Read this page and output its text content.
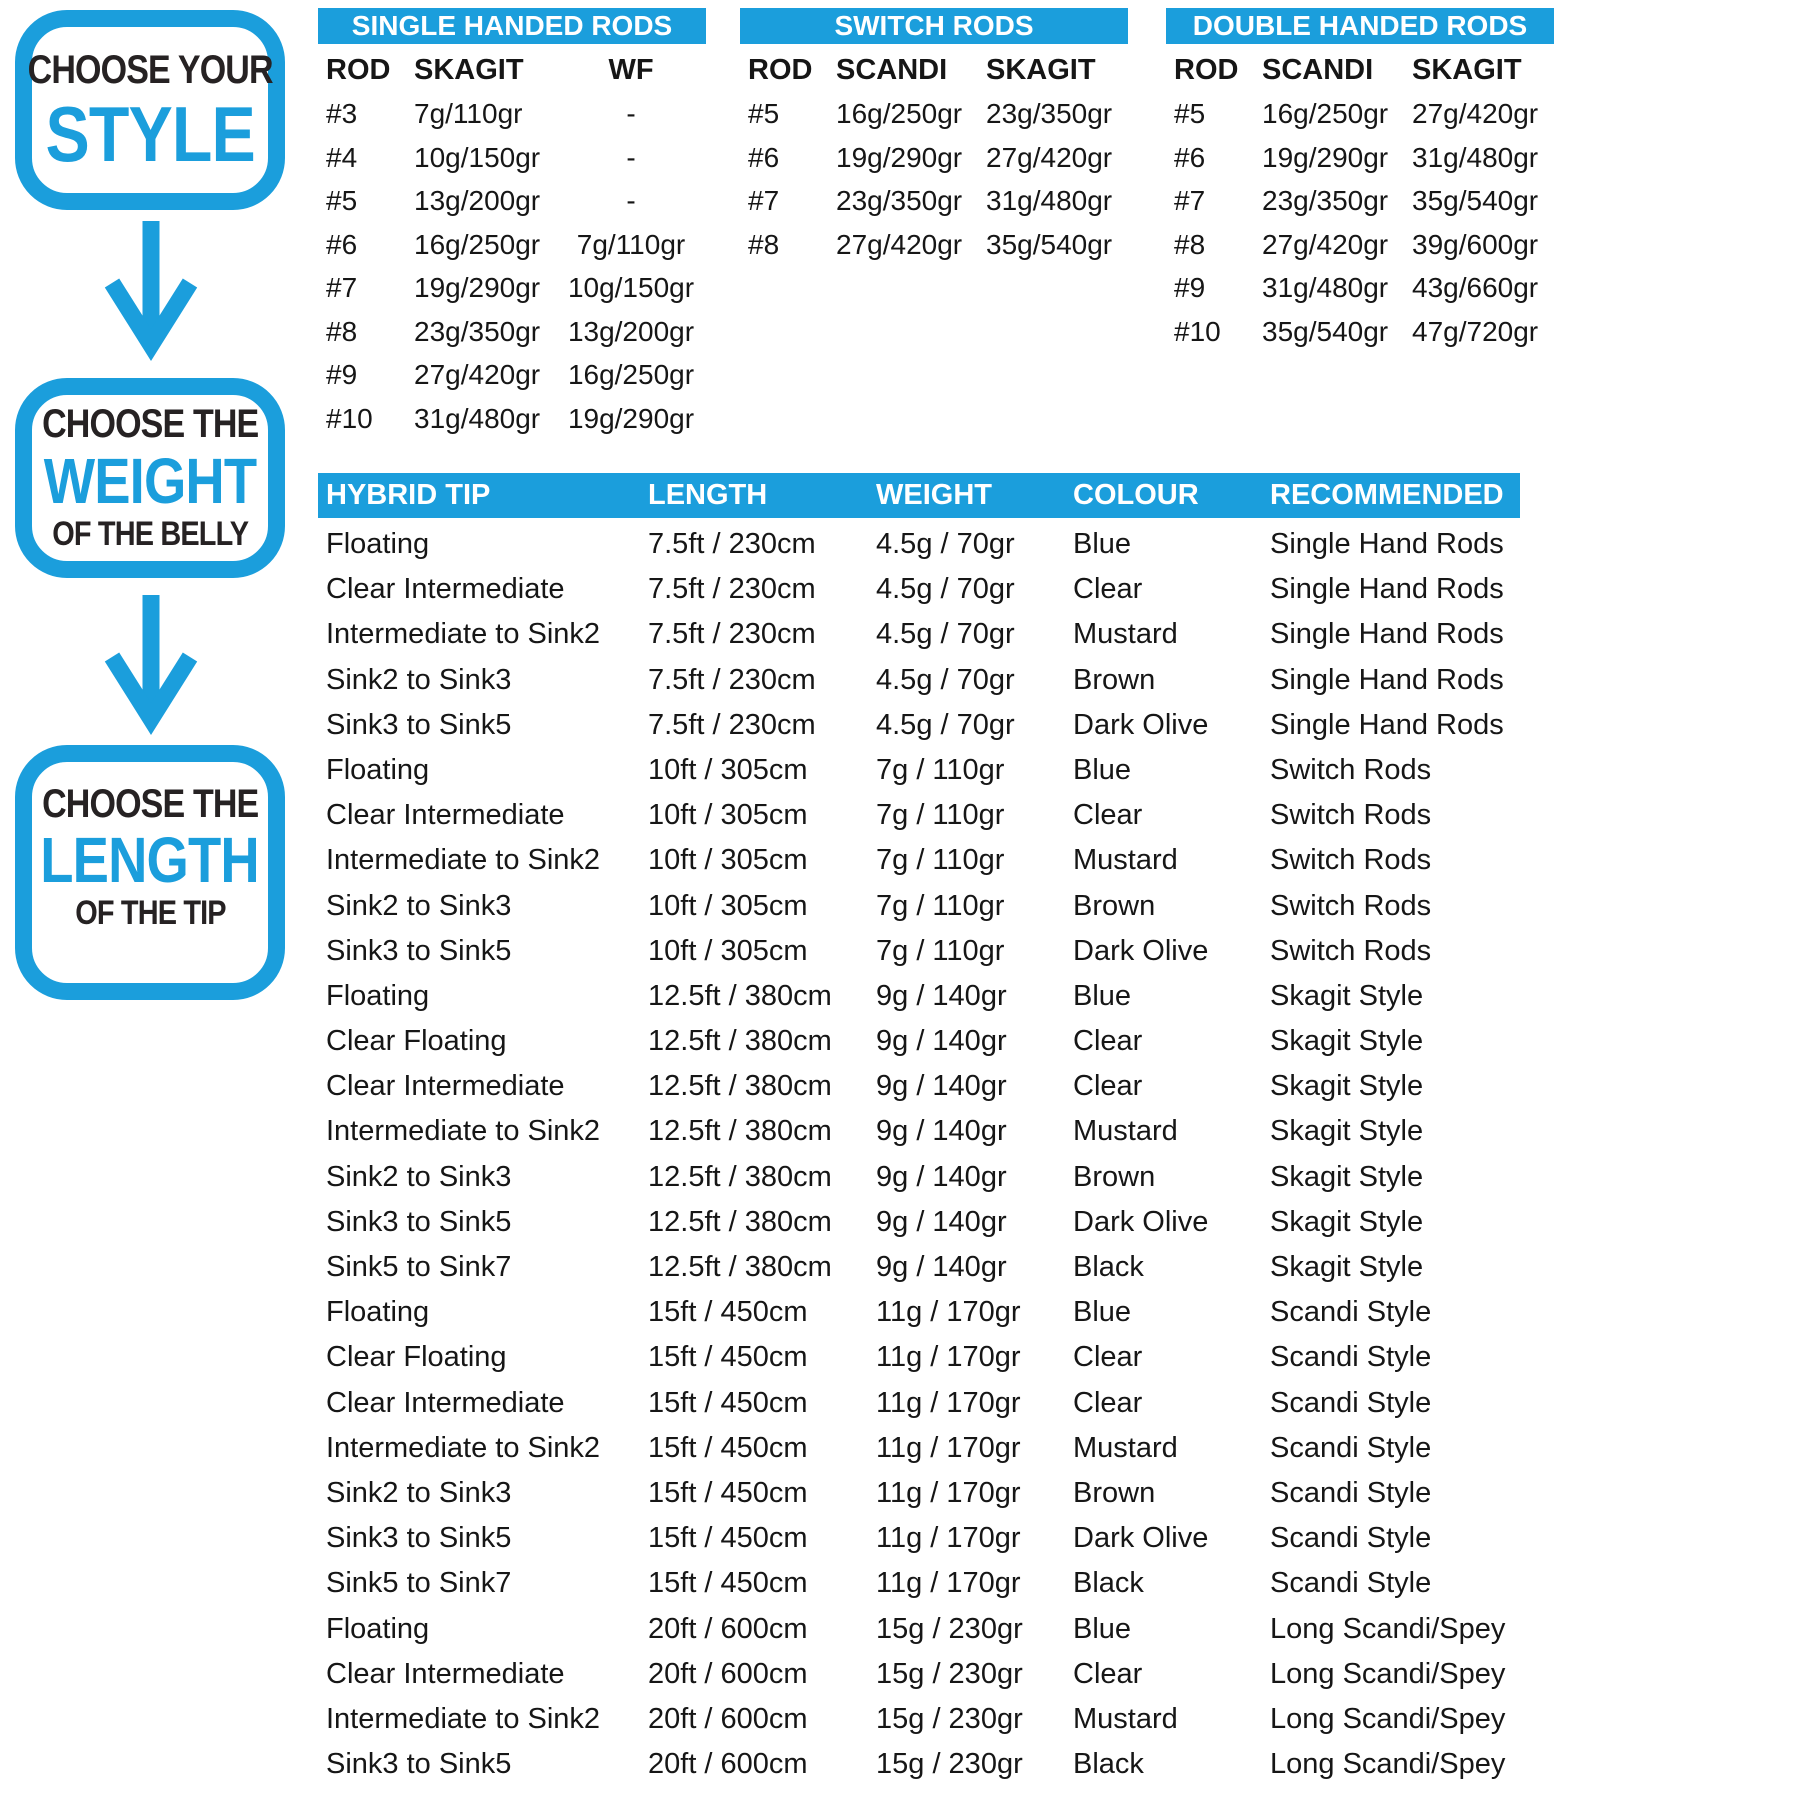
CHOOSE YOUR
STYLE
CHOOSE THE
WEIGHT
OF THE BELLY
CHOOSE THE
LENGTH
OF THE TIP
SINGLE HANDED RODS	SWITCH RODS	DOUBLE HANDED RODS
ROD SKAGIT	WF
#3	7g/110gr	-
#4	10g/150gr	-
#5	13g/200gr	-
#6	16g/250gr	7g/110gr
#7	19g/290gr 10g/150gr
#8	23g/350gr 13g/200gr
#9	27g/420gr 16g/250gr
#10	31g/480gr 19g/290gr
ROD SCANDI	SKAGIT
#5	16g/250gr 23g/350gr
#6	19g/290gr 27g/420gr
#7	23g/350gr 31g/480gr
#8	27g/420gr 35g/540gr
ROD SCANDI	SKAGIT
#5	16g/250gr 27g/420gr
#6	19g/290gr 31g/480gr
#7	23g/350gr 35g/540gr
#8	27g/420gr 39g/600gr
#9	31g/480gr 43g/660gr
#10	35g/540gr 47g/720gr
HYBRID TIP	LENGTH	WEIGHT	COLOUR	RECOMMENDED
Floating	7.5ft / 230cm	4.5g / 70gr	Blue	Single Hand Rods
Clear Intermediate	7.5ft / 230cm	4.5g / 70gr	Clear	Single Hand Rods
Intermediate to Sink2	7.5ft / 230cm	4.5g / 70gr	Mustard	Single Hand Rods
Sink2 to Sink3	7.5ft / 230cm	4.5g / 70gr	Brown	Single Hand Rods
Sink3 to Sink5	7.5ft / 230cm	4.5g / 70gr	Dark Olive	Single Hand Rods
Floating	10ft / 305cm	7g / 110gr	Blue	Switch Rods
Clear Intermediate	10ft / 305cm	7g / 110gr	Clear	Switch Rods
Intermediate to Sink2	10ft / 305cm	7g / 110gr	Mustard	Switch Rods
Sink2 to Sink3	10ft / 305cm	7g / 110gr	Brown	Switch Rods
Sink3 to Sink5	10ft / 305cm	7g / 110gr	Dark Olive	Switch Rods
Floating	12.5ft / 380cm	9g / 140gr	Blue	Skagit Style
Clear Floating	12.5ft / 380cm	9g / 140gr	Clear	Skagit Style
Clear Intermediate	12.5ft / 380cm	9g / 140gr	Clear	Skagit Style
Intermediate to Sink2	12.5ft / 380cm	9g / 140gr	Mustard	Skagit Style
Sink2 to Sink3	12.5ft / 380cm	9g / 140gr	Brown	Skagit Style
Sink3 to Sink5	12.5ft / 380cm	9g / 140gr	Dark Olive	Skagit Style
Sink5 to Sink7	12.5ft / 380cm	9g / 140gr	Black	Skagit Style
Floating	15ft / 450cm	11g / 170gr	Blue	Scandi Style
Clear Floating	15ft / 450cm	11g / 170gr	Clear	Scandi Style
Clear Intermediate	15ft / 450cm	11g / 170gr	Clear	Scandi Style
Intermediate to Sink2	15ft / 450cm	11g / 170gr	Mustard	Scandi Style
Sink2 to Sink3	15ft / 450cm	11g / 170gr	Brown	Scandi Style
Sink3 to Sink5	15ft / 450cm	11g / 170gr	Dark Olive	Scandi Style
Sink5 to Sink7	15ft / 450cm	11g / 170gr	Black	Scandi Style
Floating	20ft / 600cm	15g / 230gr	Blue	Long Scandi/Spey
Clear Intermediate	20ft / 600cm	15g / 230gr	Clear	Long Scandi/Spey
Intermediate to Sink2	20ft / 600cm	15g / 230gr	Mustard	Long Scandi/Spey
Sink3 to Sink5	20ft / 600cm	15g / 230gr	Black	Long Scandi/Spey
